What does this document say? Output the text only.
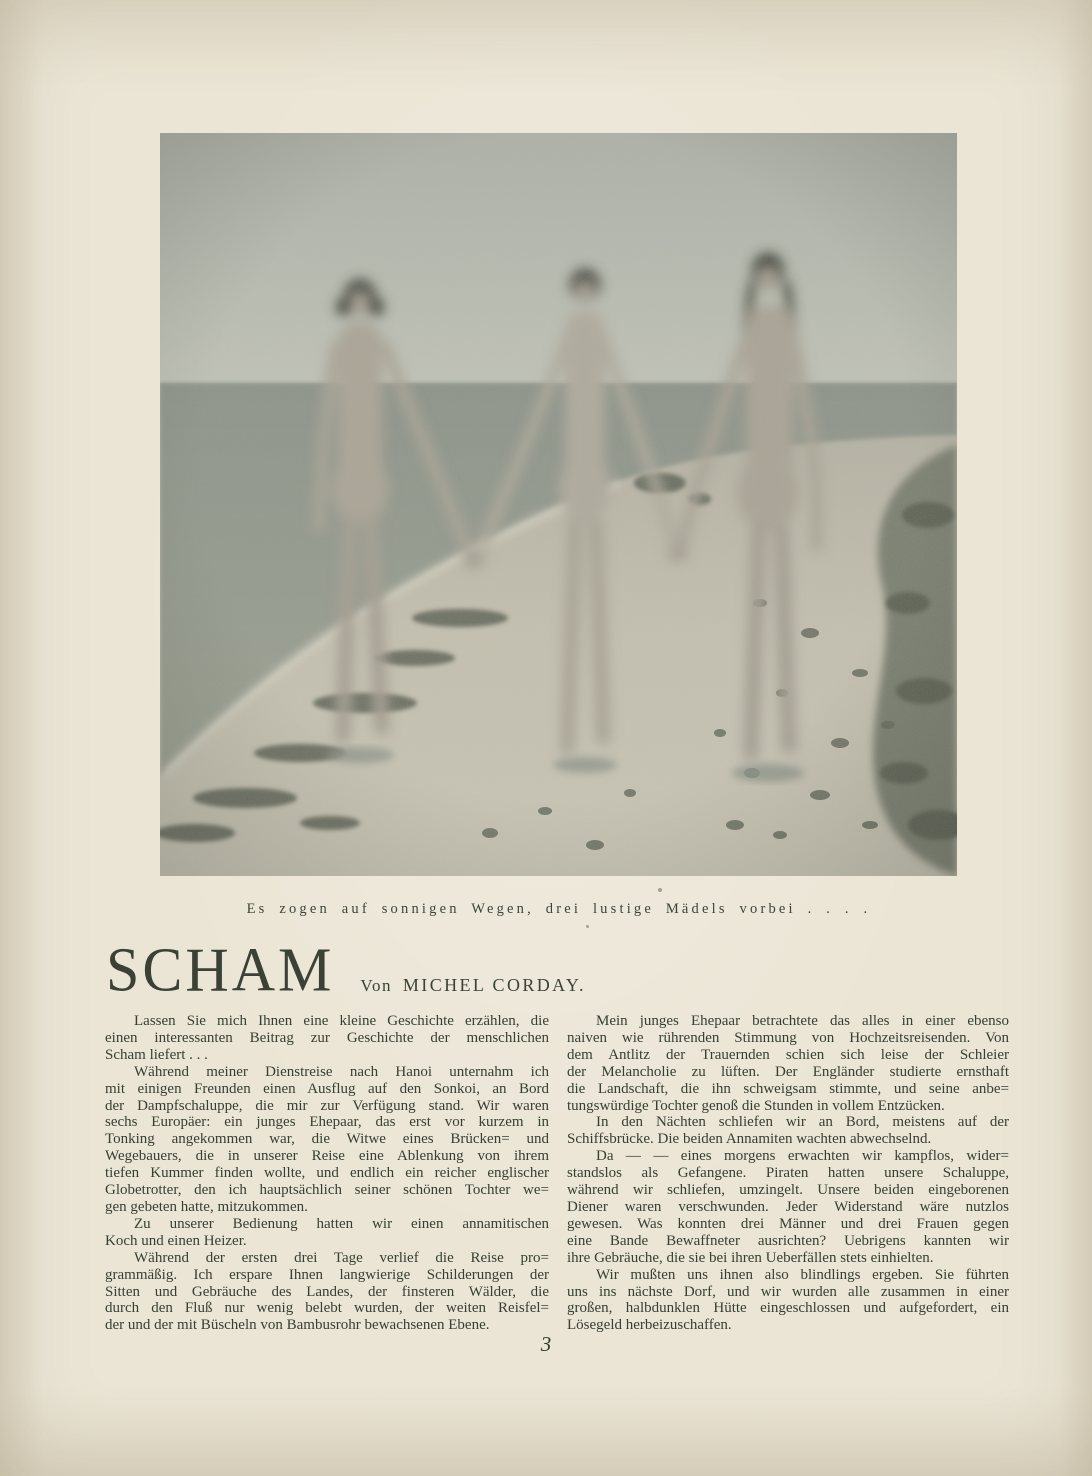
Es zogen auf sonnigen Wegen, drei lustige Mädels vorbei . . . .
SCHAM Von MICHEL CORDAY.
Lassen Sie mich Ihnen eine kleine Geschichte erzählen, die
einen interessanten Beitrag zur Geschichte der menschlichen
Scham liefert . . .
Während meiner Dienstreise nach Hanoi unternahm ich
mit einigen Freunden einen Ausflug auf den Sonkoi, an Bord
der Dampfschaluppe, die mir zur Verfügung stand. Wir waren
sechs Europäer: ein junges Ehepaar, das erst vor kurzem in
Tonking angekommen war, die Witwe eines Brücken= und
Wegebauers, die in unserer Reise eine Ablenkung von ihrem
tiefen Kummer finden wollte, und endlich ein reicher englischer
Globetrotter, den ich hauptsächlich seiner schönen Tochter we=
gen gebeten hatte, mitzukommen.
Zu unserer Bedienung hatten wir einen annamitischen
Koch und einen Heizer.
Während der ersten drei Tage verlief die Reise pro=
grammäßig. Ich erspare Ihnen langwierige Schilderungen der
Sitten und Gebräuche des Landes, der finsteren Wälder, die
durch den Fluß nur wenig belebt wurden, der weiten Reisfel=
der und der mit Büscheln von Bambusrohr bewachsenen Ebene.
Mein junges Ehepaar betrachtete das alles in einer ebenso
naiven wie rührenden Stimmung von Hochzeitsreisenden. Von
dem Antlitz der Trauernden schien sich leise der Schleier
der Melancholie zu lüften. Der Engländer studierte ernsthaft
die Landschaft, die ihn schweigsam stimmte, und seine anbe=
tungswürdige Tochter genoß die Stunden in vollem Entzücken.
In den Nächten schliefen wir an Bord, meistens auf der
Schiffsbrücke. Die beiden Annamiten wachten abwechselnd.
Da — — eines morgens erwachten wir kampflos, wider=
standslos als Gefangene. Piraten hatten unsere Schaluppe,
während wir schliefen, umzingelt. Unsere beiden eingeborenen
Diener waren verschwunden. Jeder Widerstand wäre nutzlos
gewesen. Was konnten drei Männer und drei Frauen gegen
eine Bande Bewaffneter ausrichten? Uebrigens kannten wir
ihre Gebräuche, die sie bei ihren Ueberfällen stets einhielten.
Wir mußten uns ihnen also blindlings ergeben. Sie führten
uns ins nächste Dorf, und wir wurden alle zusammen in einer
großen, halbdunklen Hütte eingeschlossen und aufgefordert, ein
Lösegeld herbeizuschaffen.
3
